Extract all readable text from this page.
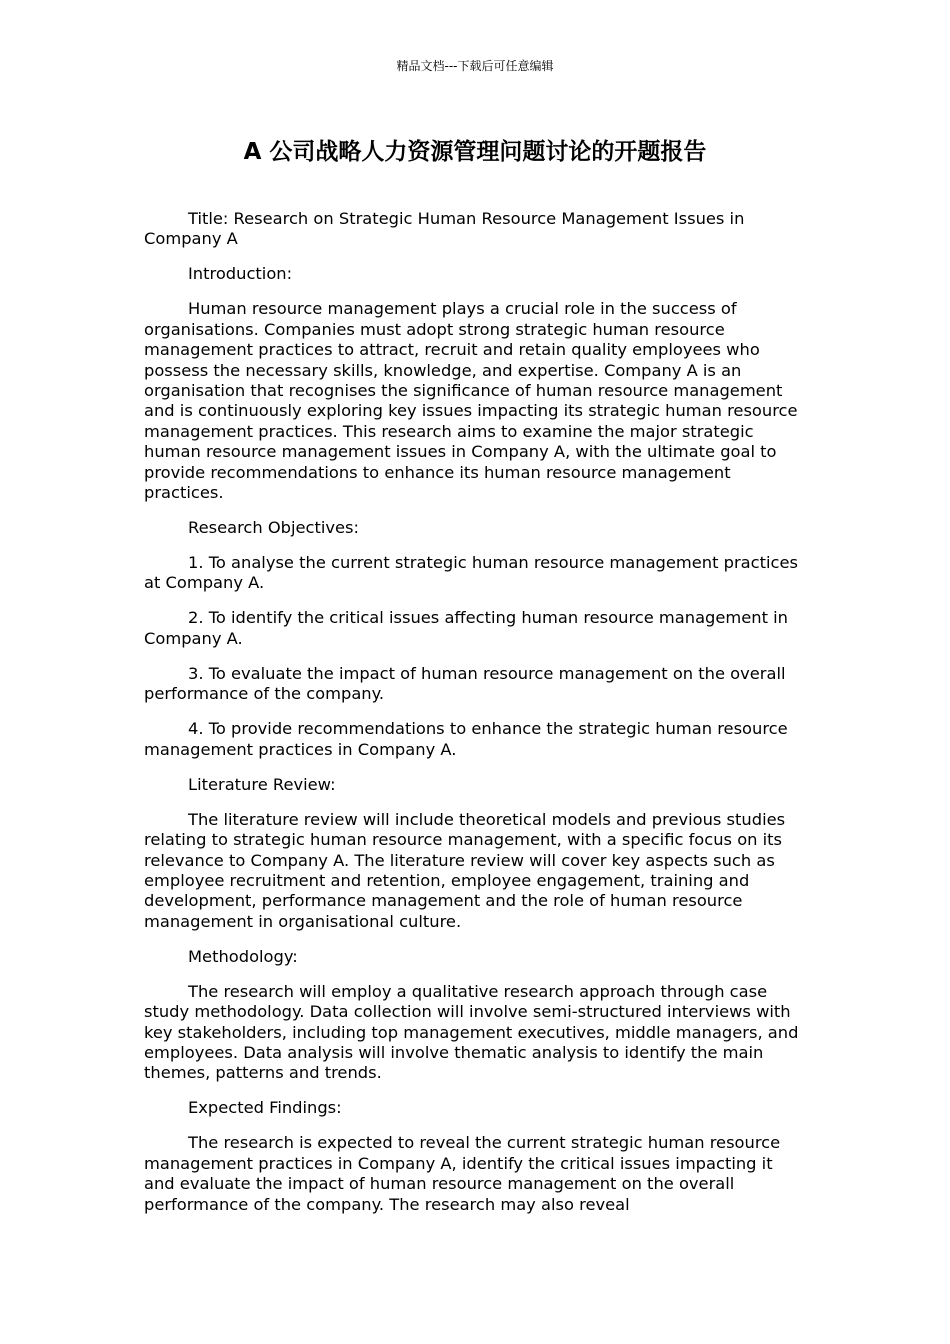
精品文档---下载后可任意编辑
A 公司战略人力资源管理问题讨论的开题报告

Title: Research on Strategic Human Resource Management Issues in Company A

Introduction:

Human resource management plays a crucial role in the success of organisations. Companies must adopt strong strategic human resource management practices to attract, recruit and retain quality employees who possess the necessary skills, knowledge, and expertise. Company A is an organisation that recognises the significance of human resource management and is continuously exploring key issues impacting its strategic human resource management practices. This research aims to examine the major strategic human resource management issues in Company A, with the ultimate goal to provide recommendations to enhance its human resource management practices.

Research Objectives:

1. To analyse the current strategic human resource management practices at Company A.

2. To identify the critical issues affecting human resource management in Company A.

3. To evaluate the impact of human resource management on the overall performance of the company.

4. To provide recommendations to enhance the strategic human resource management practices in Company A.

Literature Review:

The literature review will include theoretical models and previous studies relating to strategic human resource management, with a specific focus on its relevance to Company A. The literature review will cover key aspects such as employee recruitment and retention, employee engagement, training and development, performance management and the role of human resource management in organisational culture.

Methodology:

The research will employ a qualitative research approach through case study methodology. Data collection will involve semi-structured interviews with key stakeholders, including top management executives, middle managers, and employees. Data analysis will involve thematic analysis to identify the main themes, patterns and trends.

Expected Findings:

The research is expected to reveal the current strategic human resource management practices in Company A, identify the critical issues impacting it and evaluate the impact of human resource management on the overall performance of the company. The research may also reveal
